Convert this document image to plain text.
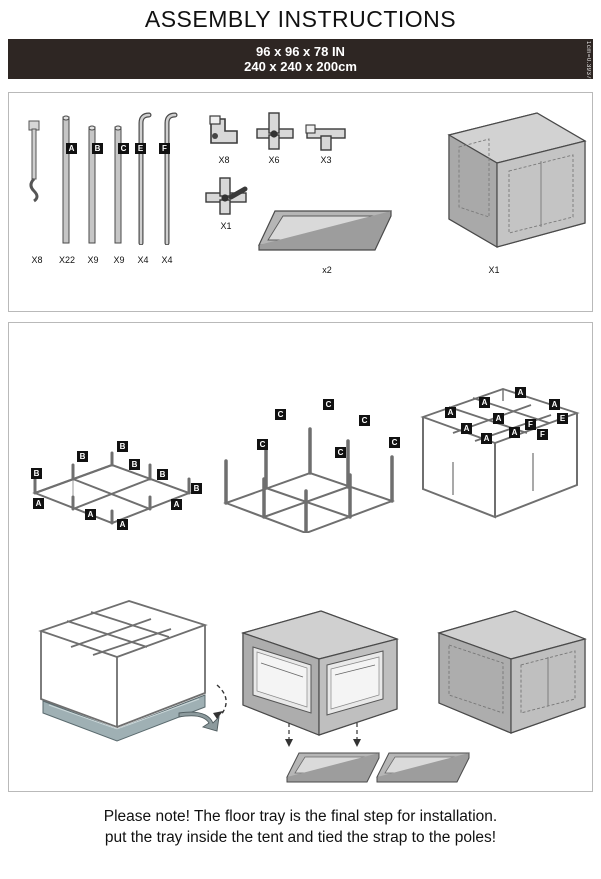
ASSEMBLY INSTRUCTIONS
96 x 96 x 78 IN
240 x 240 x 200cm	1cm=0.3937inch
X8
A
X22
B
X9
C
X9
E
X4
F
X4
X8	X6	X3
X1
x2	X1
B
B
B
B
B
B
A
A
A
A
C
C
C
C
C
C
A
A
A
A
E
F
F
A
A
A
A
Please note! The floor tray is the final step for installation.
put the tray inside the tent and tied the strap to the poles!
